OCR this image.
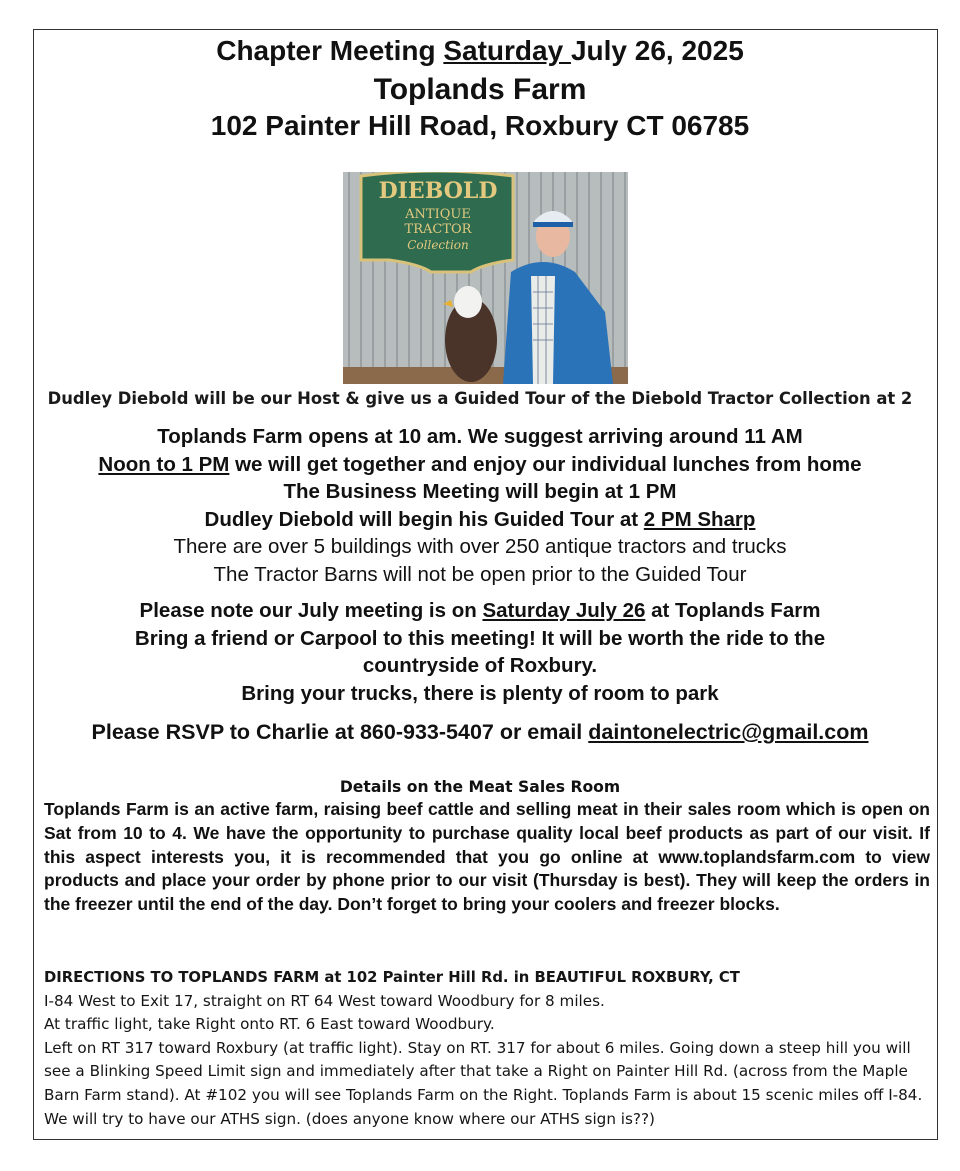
Chapter Meeting Saturday July 26, 2025
Toplands Farm
102 Painter Hill Road, Roxbury CT 06785
DIEBOLD
ANTIQUE
TRACTOR
Collection
Dudley Diebold will be our Host & give us a Guided Tour of the Diebold Tractor Collection at 2
Toplands Farm opens at 10 am. We suggest arriving around 11 AM
Noon to 1 PM we will get together and enjoy our individual lunches from home
The Business Meeting will begin at 1 PM
Dudley Diebold will begin his Guided Tour at 2 PM Sharp
There are over 5 buildings with over 250 antique tractors and trucks
The Tractor Barns will not be open prior to the Guided Tour
Please note our July meeting is on Saturday July 26 at Toplands Farm
Bring a friend or Carpool to this meeting! It will be worth the ride to the
countryside of Roxbury.
Bring your trucks, there is plenty of room to park
Please RSVP to Charlie at 860-933-5407 or email daintonelectric@gmail.com
Details on the Meat Sales Room
Toplands Farm is an active farm, raising beef cattle and selling meat in their sales room which is open on Sat from 10 to 4. We have the opportunity to purchase quality local beef products as part of our visit. If this aspect interests you, it is recommended that you go online at www.toplandsfarm.com to view products and place your order by phone prior to our visit (Thursday is best). They will keep the orders in the freezer until the end of the day. Don’t forget to bring your coolers and freezer blocks.
DIRECTIONS TO TOPLANDS FARM at 102 Painter Hill Rd. in BEAUTIFUL ROXBURY, CT
I-84 West to Exit 17, straight on RT 64 West toward Woodbury for 8 miles.
At traffic light, take Right onto RT. 6 East toward Woodbury.
Left on RT 317 toward Roxbury (at traffic light). Stay on RT. 317 for about 6 miles. Going down a steep hill you will see a Blinking Speed Limit sign and immediately after that take a Right on Painter Hill Rd. (across from the Maple Barn Farm stand). At #102 you will see Toplands Farm on the Right. Toplands Farm is about 15 scenic miles off I-84. We will try to have our ATHS sign. (does anyone know where our ATHS sign is??)
